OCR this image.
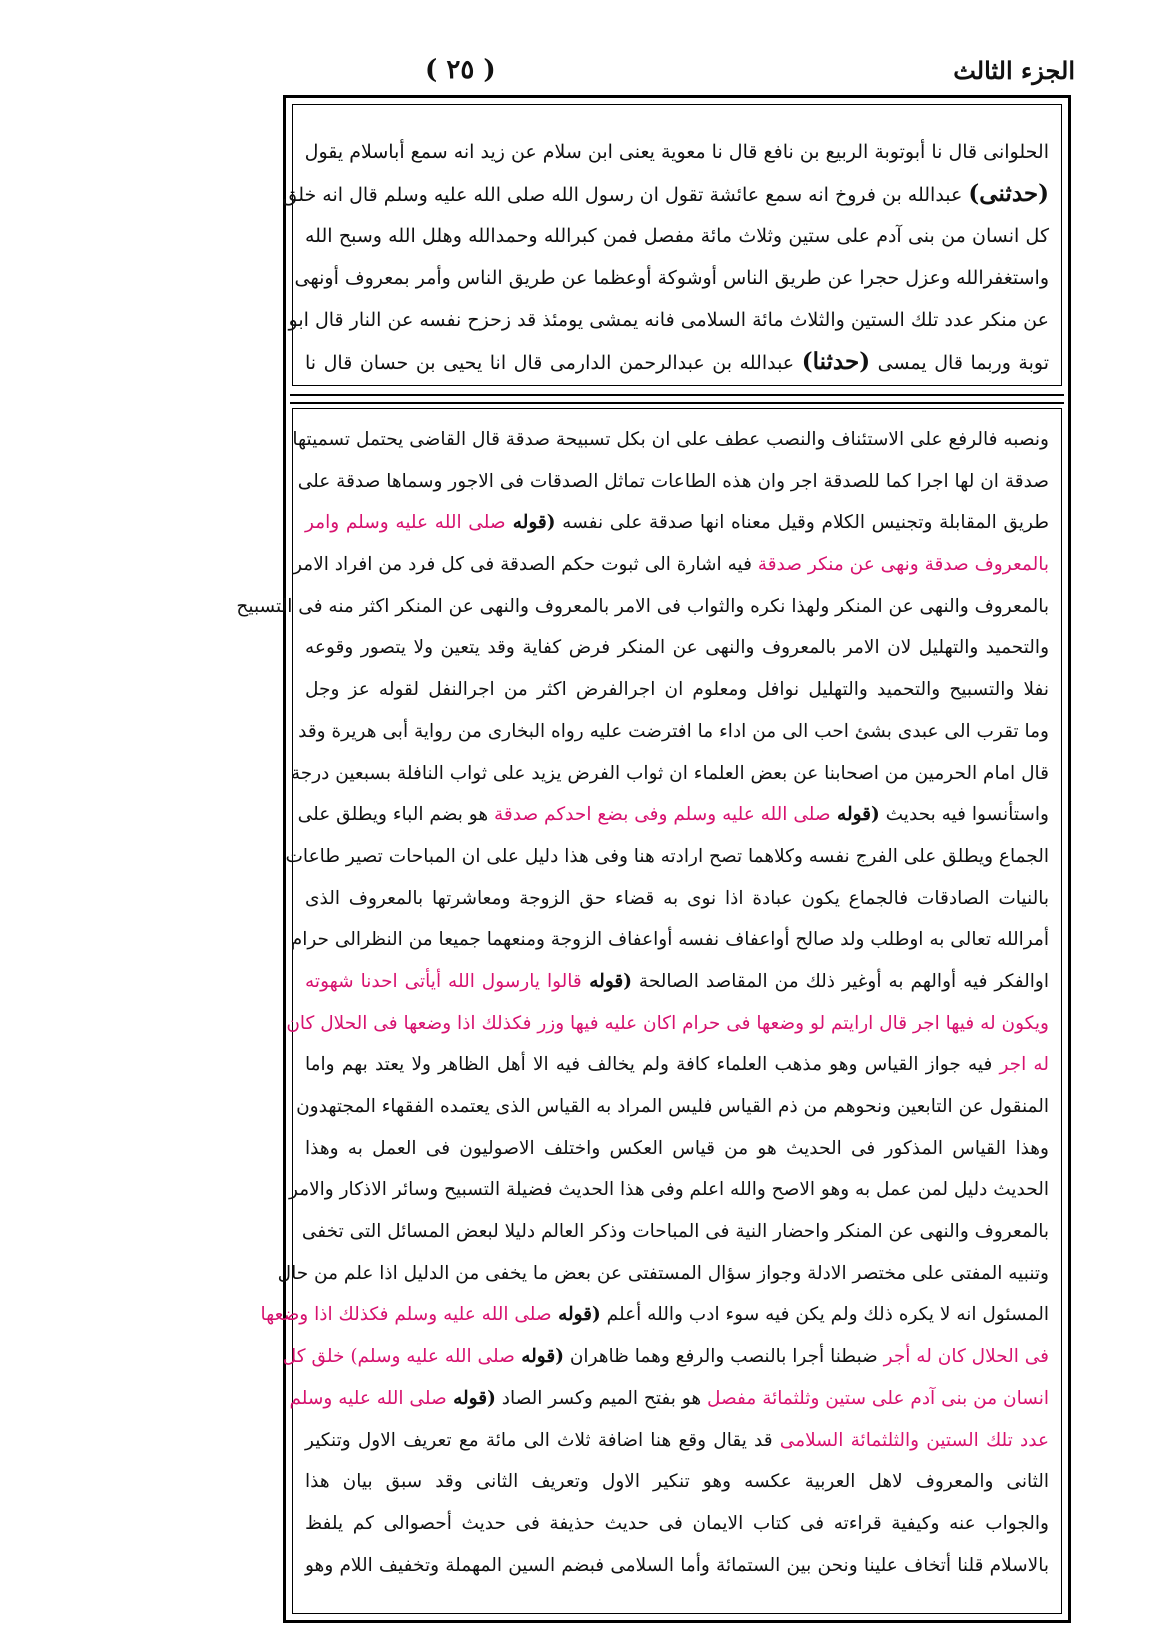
الجزء الثالث
( ٢٥ )
الحلوانى قال نا أبوتوبة الربيع بن نافع قال نا معوية يعنى ابن سلام عن زيد انه سمع أباسلام يقول
(حدثنى) عبدالله بن فروخ انه سمع عائشة تقول ان رسول الله صلى الله عليه وسلم قال انه خلق
كل انسان من بنى آدم على ستين وثلاث مائة مفصل فمن كبرالله وحمدالله وهلل الله وسبح الله
واستغفرالله وعزل حجرا عن طريق الناس أوشوكة أوعظما عن طريق الناس وأمر بمعروف أونهى
عن منكر عدد تلك الستين والثلاث مائة السلامى فانه يمشى يومئذ قد زحزح نفسه عن النار قال ابو
توبة وربما قال يمسى (حدثنا) عبدالله بن عبدالرحمن الدارمى قال انا يحيى بن حسان قال نا
ونصبه فالرفع على الاستئناف والنصب عطف على ان بكل تسبيحة صدقة قال القاضى يحتمل تسميتها
صدقة ان لها اجرا كما للصدقة اجر وان هذه الطاعات تماثل الصدقات فى الاجور وسماها صدقة على
طريق المقابلة وتجنيس الكلام وقيل معناه انها صدقة على نفسه (قوله صلى الله عليه وسلم وامر
بالمعروف صدقة ونهى عن منكر صدقة فيه اشارة الى ثبوت حكم الصدقة فى كل فرد من افراد الامر
بالمعروف والنهى عن المنكر ولهذا نكره والثواب فى الامر بالمعروف والنهى عن المنكر اكثر منه فى التسبيح
والتحميد والتهليل لان الامر بالمعروف والنهى عن المنكر فرض كفاية وقد يتعين ولا يتصور وقوعه
نفلا والتسبيح والتحميد والتهليل نوافل ومعلوم ان اجرالفرض اكثر من اجرالنفل لقوله عز وجل
وما تقرب الى عبدى بشئ احب الى من اداء ما افترضت عليه رواه البخارى من رواية أبى هريرة وقد
قال امام الحرمين من اصحابنا عن بعض العلماء ان ثواب الفرض يزيد على ثواب النافلة بسبعين درجة
واستأنسوا فيه بحديث (قوله صلى الله عليه وسلم وفى بضع احدكم صدقة هو بضم الباء ويطلق على
الجماع ويطلق على الفرج نفسه وكلاهما تصح ارادته هنا وفى هذا دليل على ان المباحات تصير طاعات
بالنيات الصادقات فالجماع يكون عبادة اذا نوى به قضاء حق الزوجة ومعاشرتها بالمعروف الذى
أمرالله تعالى به اوطلب ولد صالح أواعفاف نفسه أواعفاف الزوجة ومنعهما جميعا من النظرالى حرام
اوالفكر فيه أوالهم به أوغير ذلك من المقاصد الصالحة (قوله قالوا يارسول الله أيأتى احدنا شهوته
ويكون له فيها اجر قال ارايتم لو وضعها فى حرام اكان عليه فيها وزر فكذلك اذا وضعها فى الحلال كان
له اجر فيه جواز القياس وهو مذهب العلماء كافة ولم يخالف فيه الا أهل الظاهر ولا يعتد بهم واما
المنقول عن التابعين ونحوهم من ذم القياس فليس المراد به القياس الذى يعتمده الفقهاء المجتهدون
وهذا القياس المذكور فى الحديث هو من قياس العكس واختلف الاصوليون فى العمل به وهذا
الحديث دليل لمن عمل به وهو الاصح والله اعلم وفى هذا الحديث فضيلة التسبيح وسائر الاذكار والامر
بالمعروف والنهى عن المنكر واحضار النية فى المباحات وذكر العالم دليلا لبعض المسائل التى تخفى
وتنبيه المفتى على مختصر الادلة وجواز سؤال المستفتى عن بعض ما يخفى من الدليل اذا علم من حال
المسئول انه لا يكره ذلك ولم يكن فيه سوء ادب والله أعلم (قوله صلى الله عليه وسلم فكذلك اذا وضعها
فى الحلال كان له أجر ضبطنا أجرا بالنصب والرفع وهما ظاهران (قوله صلى الله عليه وسلم) خلق كل
انسان من بنى آدم على ستين وثلثمائة مفصل هو بفتح الميم وكسر الصاد (قوله صلى الله عليه وسلم
عدد تلك الستين والثلثمائة السلامى قد يقال وقع هنا اضافة ثلاث الى مائة مع تعريف الاول وتنكير
الثانى والمعروف لاهل العربية عكسه وهو تنكير الاول وتعريف الثانى وقد سبق بيان هذا
والجواب عنه وكيفية قراءته فى كتاب الايمان فى حديث حذيفة فى حديث أحصوالى كم يلفظ
بالاسلام قلنا أتخاف علينا ونحن بين الستمائة وأما السلامى فبضم السين المهملة وتخفيف اللام وهو
